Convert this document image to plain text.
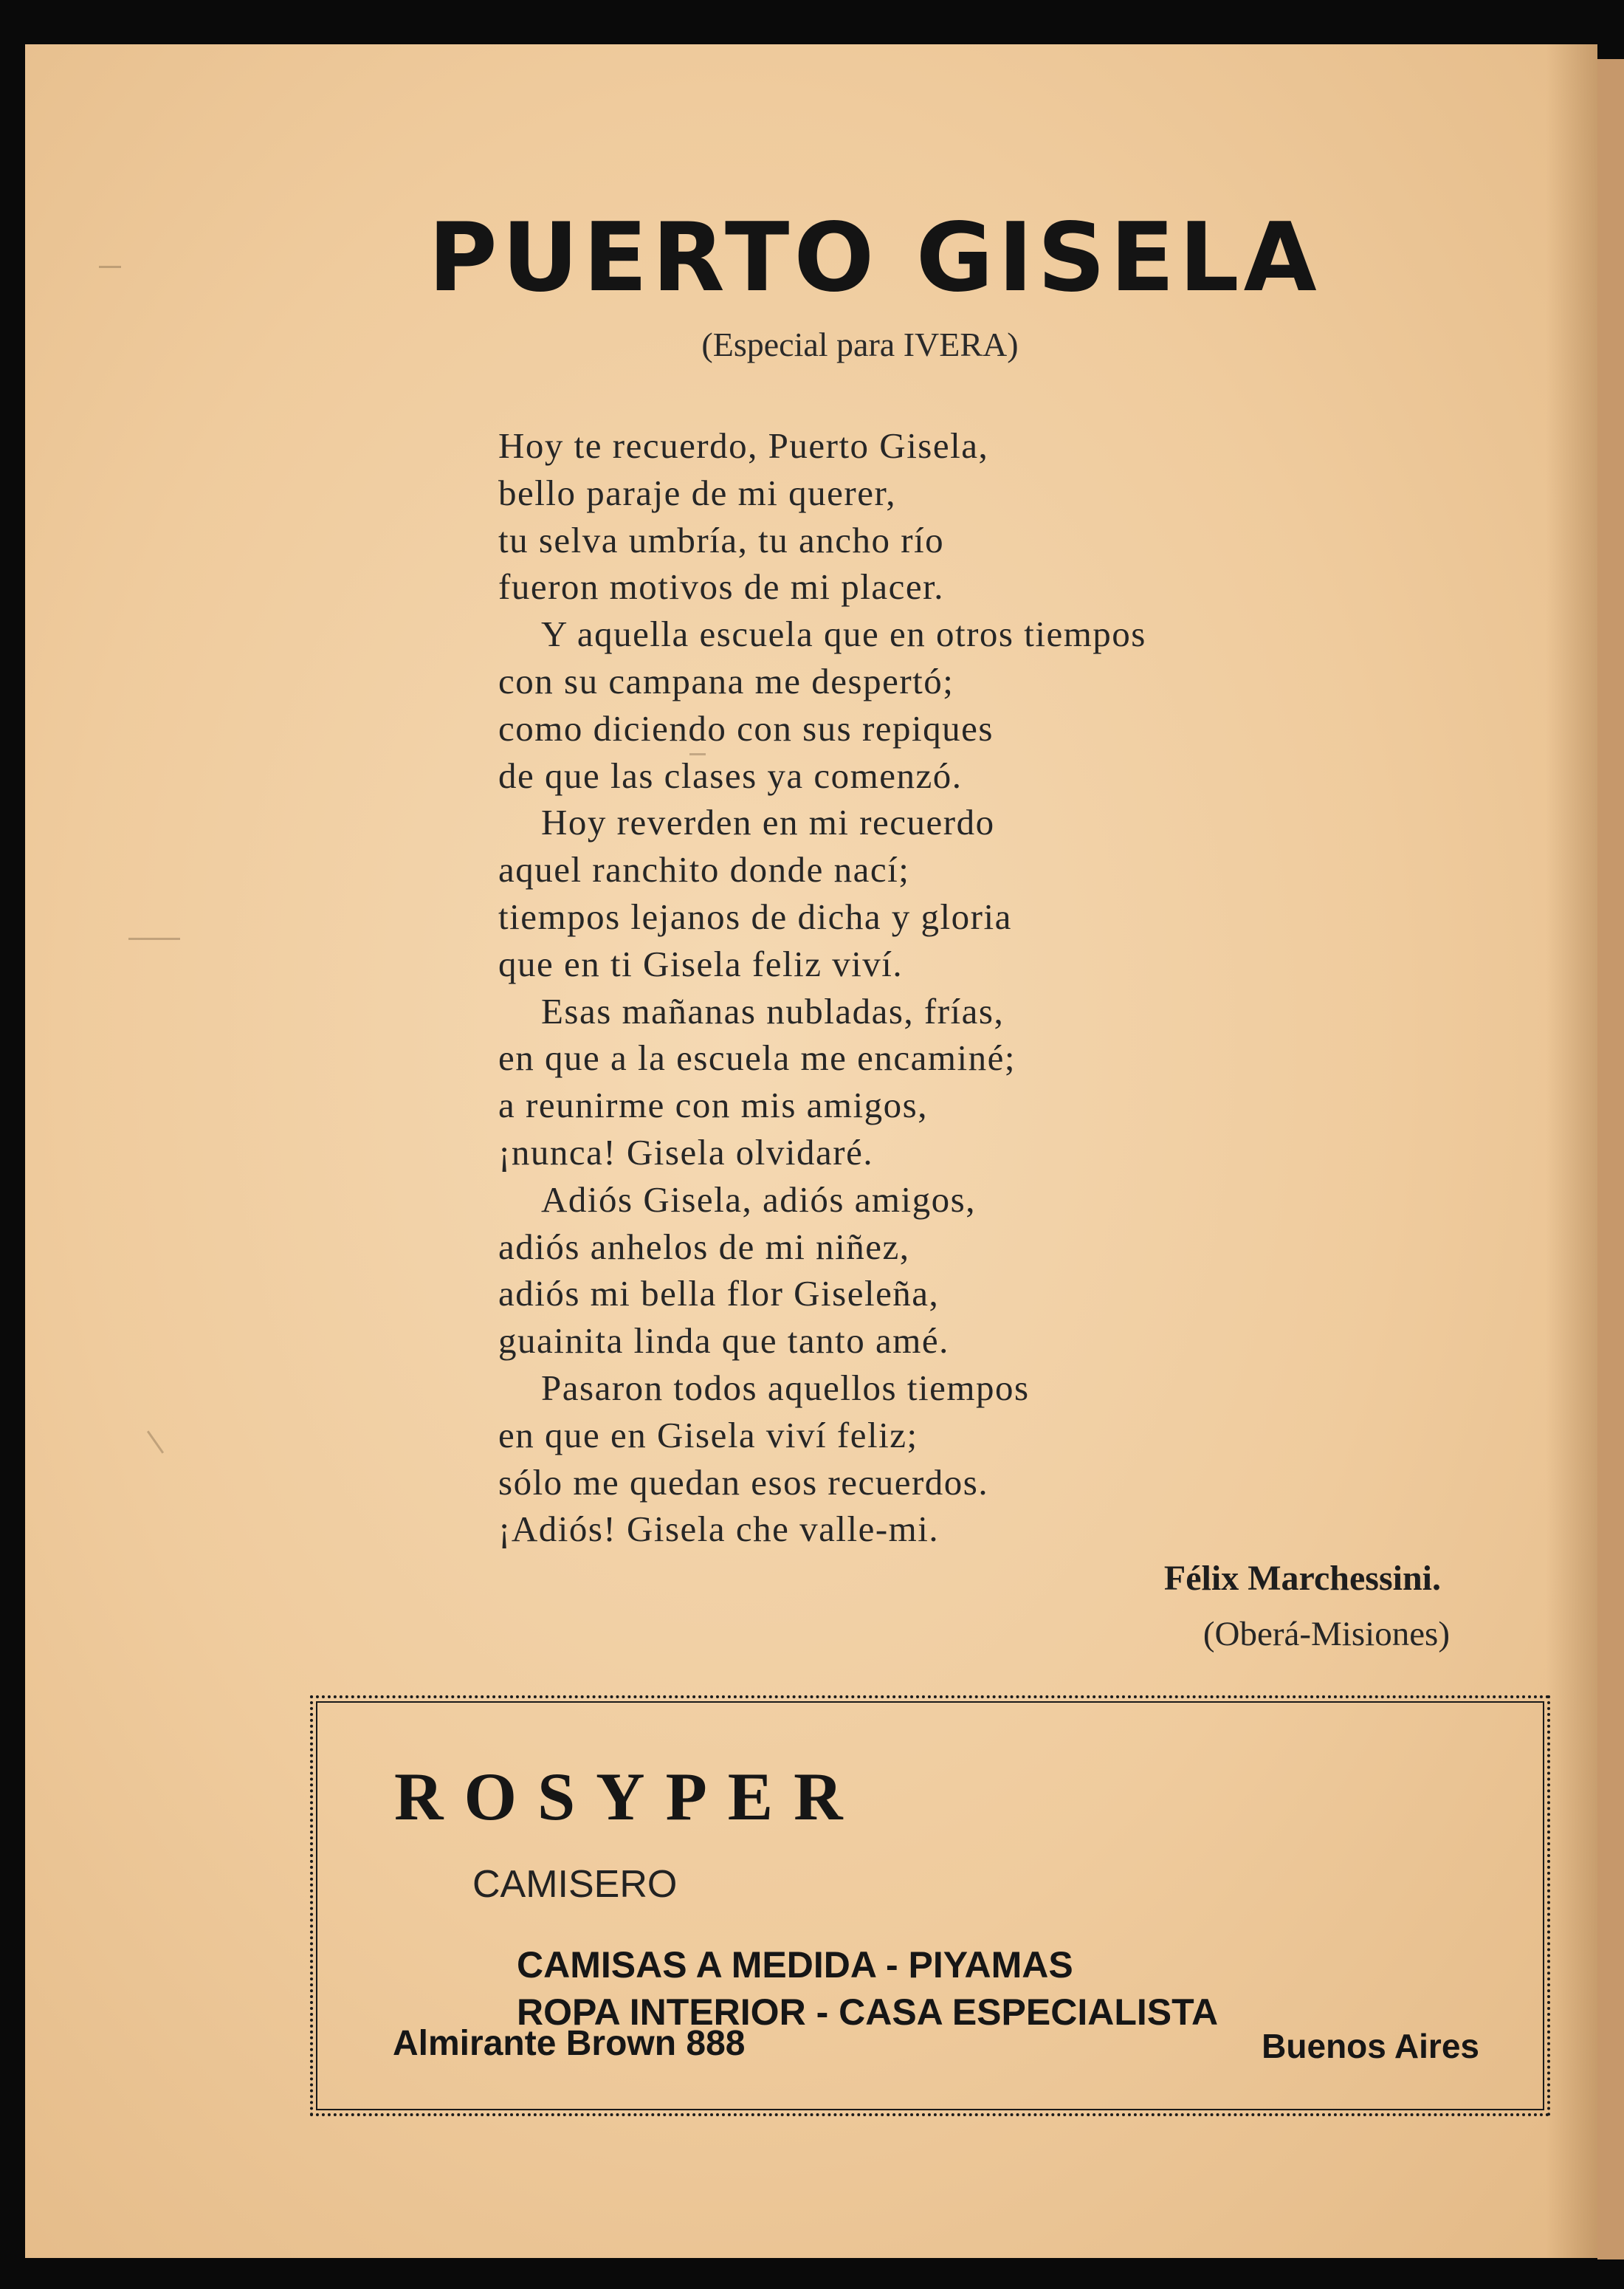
PUERTO GISELA
(Especial para IVERA)
Hoy te recuerdo, Puerto Gisela,
bello paraje de mi querer,
tu selva umbría, tu ancho río
fueron motivos de mi placer.
Y aquella escuela que en otros tiempos
con su campana me despertó;
como diciendo con sus repiques
de que las clases ya comenzó.
Hoy reverden en mi recuerdo
aquel ranchito donde nací;
tiempos lejanos de dicha y gloria
que en ti Gisela feliz viví.
Esas mañanas nubladas, frías,
en que a la escuela me encaminé;
a reunirme con mis amigos,
¡nunca! Gisela olvidaré.
Adiós Gisela, adiós amigos,
adiós anhelos de mi niñez,
adiós mi bella flor Giseleña,
guainita linda que tanto amé.
Pasaron todos aquellos tiempos
en que en Gisela viví feliz;
sólo me quedan esos recuerdos.
¡Adiós! Gisela che valle-mi.
Félix Marchessini.
(Oberá-Misiones)
ROSYPER
CAMISERO
CAMISAS A MEDIDA - PIYAMAS
ROPA INTERIOR - CASA ESPECIALISTA
Almirante Brown 888	Buenos Aires
